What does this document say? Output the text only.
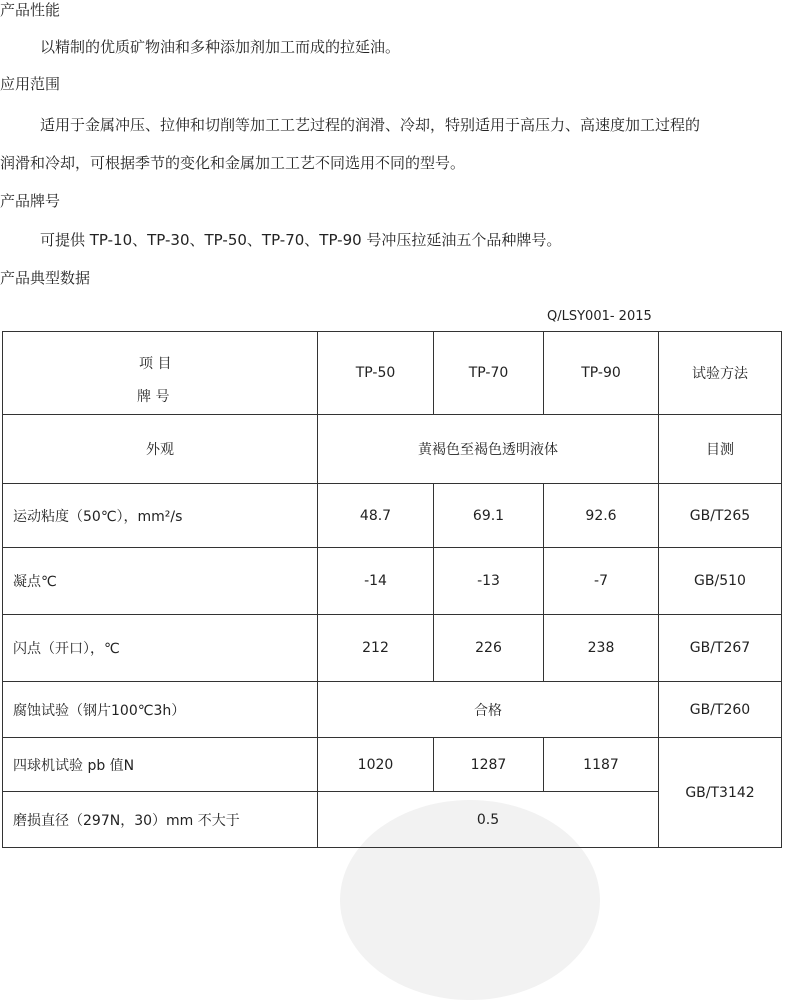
产品性能
以精制的优质矿物油和多种添加剂加工而成的拉延油。
应用范围
适用于金属冲压、拉伸和切削等加工工艺过程的润滑、冷却，特别适用于高压力、高速度加工过程的
润滑和冷却，可根据季节的变化和金属加工工艺不同选用不同的型号。
产品牌号
可提供 TP-10、TP-30、TP-50、TP-70、TP-90 号冲压拉延油五个品种牌号。
产品典型数据
Q/LSY001- 2015
项 目
牌 号	TP-50	TP-70	TP-90	试验方法
外观	黄褐色至褐色透明液体			目测
运动粘度（50℃），mm²/s	48.7	69.1	92.6	GB/T265
凝点℃	-14	-13	-7	GB/510
闪点（开口），℃	212	226	238	GB/T267
腐蚀试验（钢片100℃3h）	合格			GB/T260
四球机试验 pb 值N	1020	1287	1187	GB/T3142
磨损直径（297N，30）mm 不大于	0.5			
